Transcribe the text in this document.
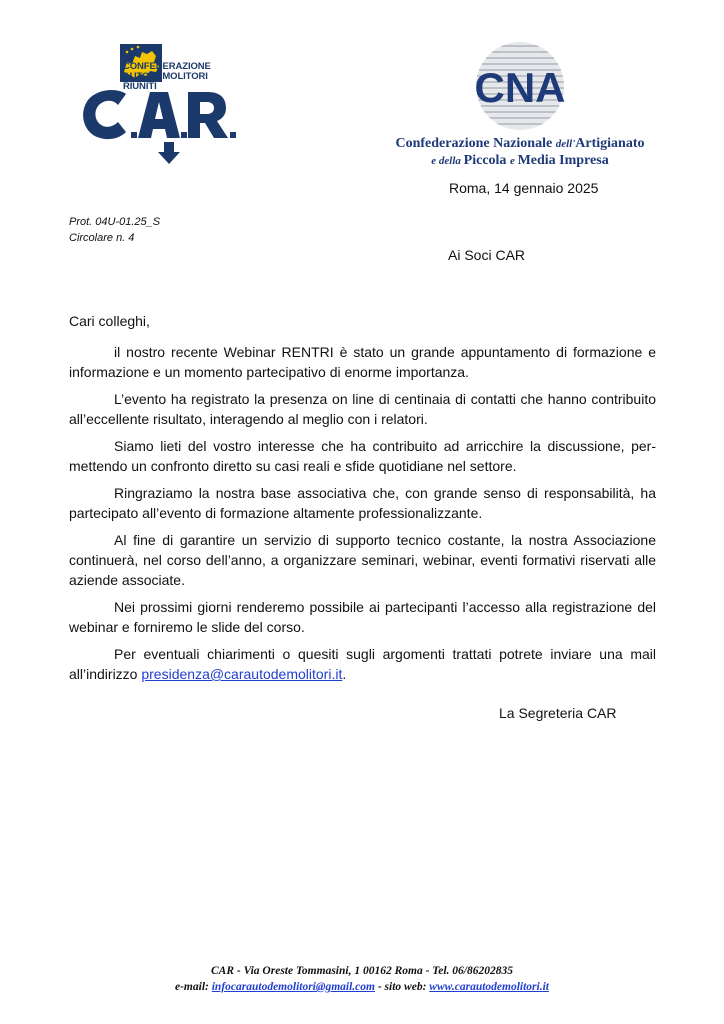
CONFEDERAZIONE
AUTODEMOLITORI
RIUNITI	CNA
Confederazione Nazionale dell'Artigianato
e della Piccola e Media Impresa
Roma, 14 gennaio 2025
Prot. 04U-01.25_S
Circolare n. 4
Ai Soci CAR

Cari colleghi,

il nostro recente Webinar RENTRI è stato un grande appuntamento di formazione e informazione e un momento partecipativo di enorme importanza.

L’evento ha registrato la presenza on line di centinaia di contatti che hanno contribuito all’eccellente risultato, interagendo al meglio con i relatori.

Siamo lieti del vostro interesse che ha contribuito ad arricchire la discussione, permettendo un confronto diretto su casi reali e sfide quotidiane nel settore.

Ringraziamo la nostra base associativa che, con grande senso di responsabilità, ha partecipato all’evento di formazione altamente professionalizzante.

Al fine di garantire un servizio di supporto tecnico costante, la nostra Associazione continuerà, nel corso dell’anno, a organizzare seminari, webinar, eventi formativi riservati alle aziende associate.

Nei prossimi giorni renderemo possibile ai partecipanti l’accesso alla registrazione del webinar e forniremo le slide del corso.

Per eventuali chiarimenti o quesiti sugli argomenti trattati potrete inviare una mail all’indirizzo presidenza@carautodemolitori.it.

La Segreteria CAR
CAR - Via Oreste Tommasini, 1 00162 Roma - Tel. 06/86202835
e-mail: infocarautodemolitori@gmail.com - sito web: www.carautodemolitori.it
